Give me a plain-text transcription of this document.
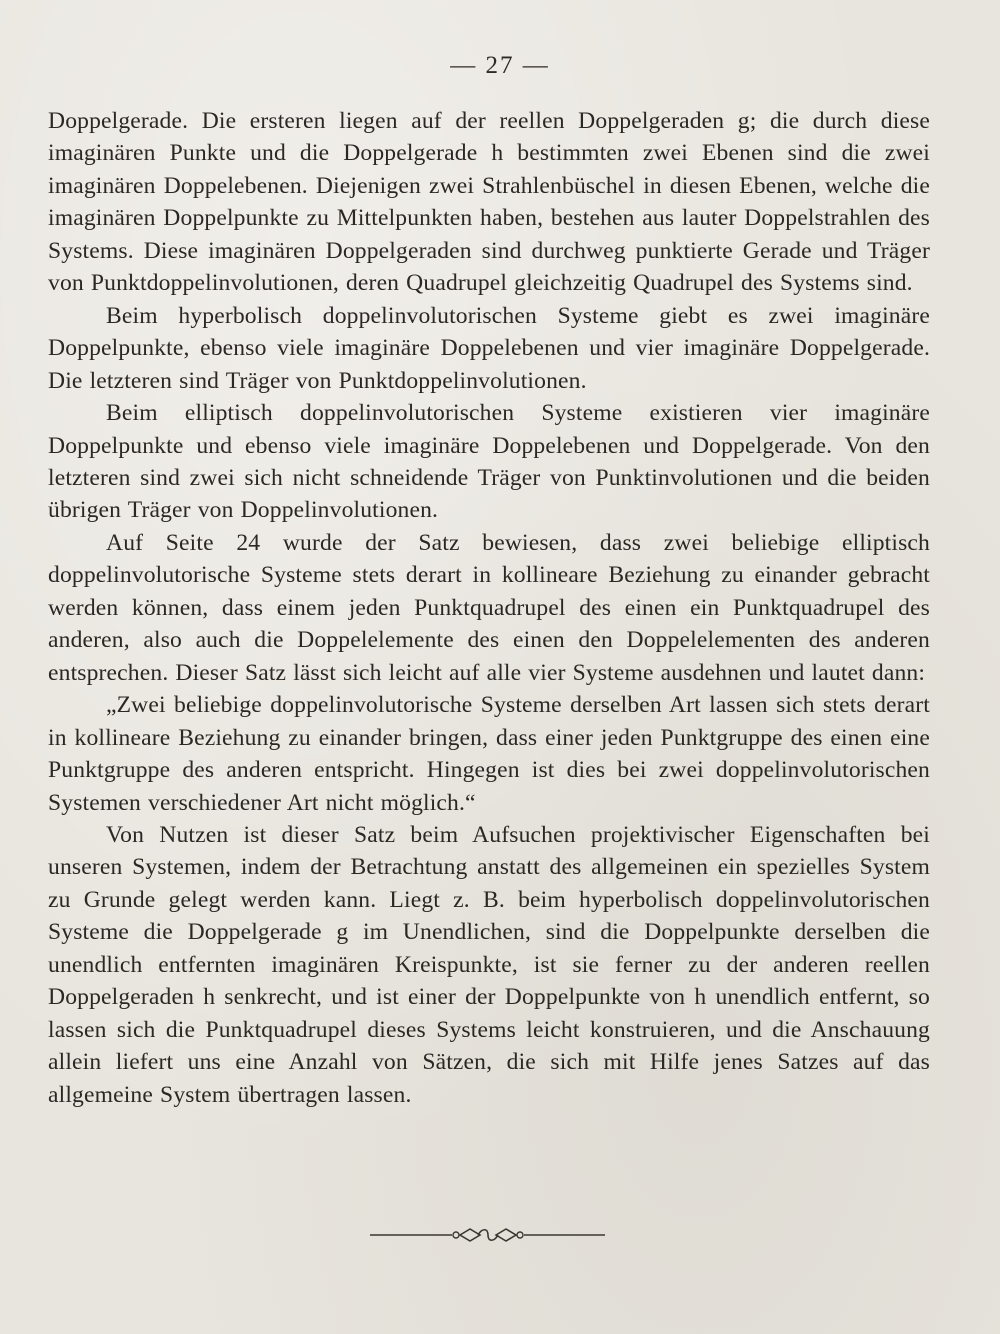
— 27 —

Doppelgerade. Die ersteren liegen auf der reellen Doppelgeraden g; die durch diese imaginären Punkte und die Doppelgerade h bestimmten zwei Ebenen sind die zwei imaginären Doppelebenen. Diejenigen zwei Strahlenbüschel in diesen Ebenen, welche die imaginären Doppelpunkte zu Mittelpunkten haben, bestehen aus lauter Doppelstrahlen des Systems. Diese imaginären Doppelgeraden sind durchweg punktierte Gerade und Träger von Punktdoppelinvolutionen, deren Quadrupel gleichzeitig Quadrupel des Systems sind.

Beim hyperbolisch doppelinvolutorischen Systeme giebt es zwei imaginäre Doppelpunkte, ebenso viele imaginäre Doppelebenen und vier imaginäre Doppelgerade. Die letzteren sind Träger von Punktdoppelinvolutionen.

Beim elliptisch doppelinvolutorischen Systeme existieren vier imaginäre Doppelpunkte und ebenso viele imaginäre Doppelebenen und Doppelgerade. Von den letzteren sind zwei sich nicht schneidende Träger von Punktinvolutionen und die beiden übrigen Träger von Doppelinvolutionen.

Auf Seite 24 wurde der Satz bewiesen, dass zwei beliebige elliptisch doppelinvolutorische Systeme stets derart in kollineare Beziehung zu einander gebracht werden können, dass einem jeden Punktquadrupel des einen ein Punktquadrupel des anderen, also auch die Doppelelemente des einen den Doppelelementen des anderen entsprechen. Dieser Satz lässt sich leicht auf alle vier Systeme ausdehnen und lautet dann:

„Zwei beliebige doppelinvolutorische Systeme derselben Art lassen sich stets derart in kollineare Beziehung zu einander bringen, dass einer jeden Punktgruppe des einen eine Punktgruppe des anderen entspricht. Hingegen ist dies bei zwei doppelinvolutorischen Systemen verschiedener Art nicht möglich.“

Von Nutzen ist dieser Satz beim Aufsuchen projektivischer Eigenschaften bei unseren Systemen, indem der Betrachtung anstatt des allgemeinen ein spezielles System zu Grunde gelegt werden kann. Liegt z. B. beim hyperbolisch doppelinvolutorischen Systeme die Doppelgerade g im Unendlichen, sind die Doppelpunkte derselben die unendlich entfernten imaginären Kreispunkte, ist sie ferner zu der anderen reellen Doppelgeraden h senkrecht, und ist einer der Doppelpunkte von h unendlich entfernt, so lassen sich die Punktquadrupel dieses Systems leicht konstruieren, und die Anschauung allein liefert uns eine Anzahl von Sätzen, die sich mit Hilfe jenes Satzes auf das allgemeine System übertragen lassen.
